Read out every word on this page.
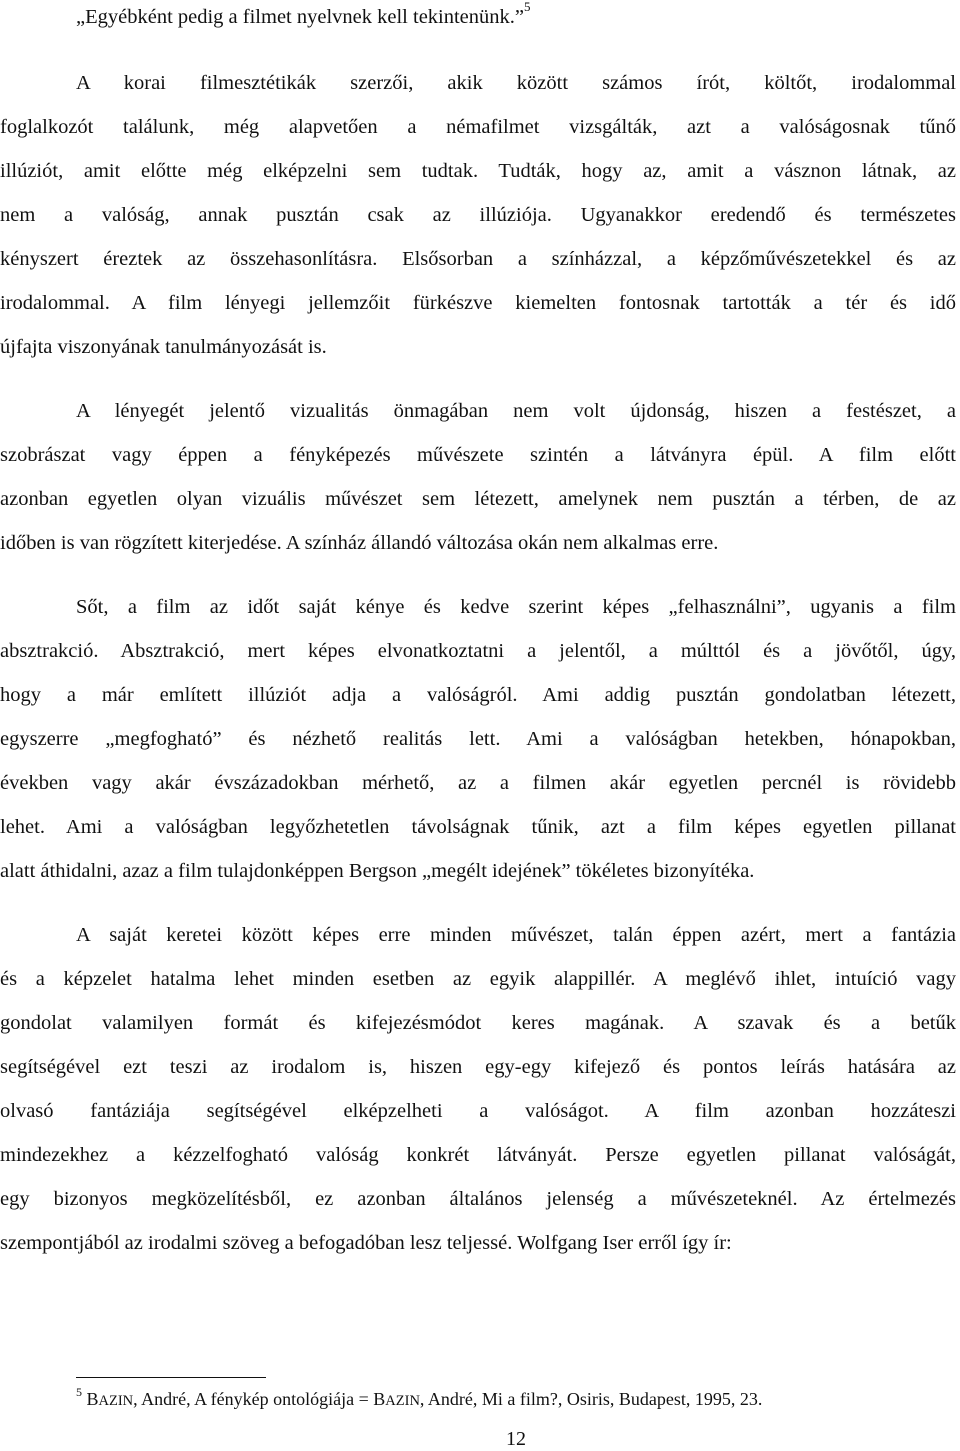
„Egyébként pedig a filmet nyelvnek kell tekintenünk.”$^5$

A korai filmesztétikák szerzői, akik között számos írót, költőt, irodalommal

foglalkozót találunk, még alapvetően a némafilmet vizsgálták, azt a valóságosnak tűnő

illúziót, amit előtte még elképzelni sem tudtak. Tudták, hogy az, amit a vásznon látnak, az

nem a valóság, annak pusztán csak az illúziója. Ugyanakkor eredendő és természetes

kényszert éreztek az összehasonlításra. Elsősorban a színházzal, a képzőművészetekkel és az

irodalommal. A film lényegi jellemzőit fürkészve kiemelten fontosnak tartották a tér és idő

újfajta viszonyának tanulmányozását is.

A lényegét jelentő vizualitás önmagában nem volt újdonság, hiszen a festészet, a

szobrászat vagy éppen a fényképezés művészete szintén a látványra épül. A film előtt

azonban egyetlen olyan vizuális művészet sem létezett, amelynek nem pusztán a térben, de az

időben is van rögzített kiterjedése. A színház állandó változása okán nem alkalmas erre.

Sőt, a film az időt saját kénye és kedve szerint képes „felhasználni”, ugyanis a film

absztrakció. Absztrakció, mert képes elvonatkoztatni a jelentől, a múlttól és a jövőtől, úgy,

hogy a már említett illúziót adja a valóságról. Ami addig pusztán gondolatban létezett,

egyszerre „megfogható” és nézhető realitás lett. Ami a valóságban hetekben, hónapokban,

években vagy akár évszázadokban mérhető, az a filmen akár egyetlen percnél is rövidebb

lehet. Ami a valóságban legyőzhetetlen távolságnak tűnik, azt a film képes egyetlen pillanat

alatt áthidalni, azaz a film tulajdonképpen Bergson „megélt idejének” tökéletes bizonyítéka.

A saját keretei között képes erre minden művészet, talán éppen azért, mert a fantázia

és a képzelet hatalma lehet minden esetben az egyik alappillér. A meglévő ihlet, intuíció vagy

gondolat valamilyen formát és kifejezésmódot keres magának. A szavak és a betűk

segítségével ezt teszi az irodalom is, hiszen egy-egy kifejező és pontos leírás hatására az

olvasó fantáziája segítségével elképzelheti a valóságot. A film azonban hozzáteszi

mindezekhez a kézzelfogható valóság konkrét látványát. Persze egyetlen pillanat valóságát,

egy bizonyos megközelítésből, ez azonban általános jelenség a művészeteknél. Az értelmezés

szempontjából az irodalmi szöveg a befogadóban lesz teljessé. Wolfgang Iser erről így ír:

$^5$ BAZIN, André, A fénykép ontológiája = BAZIN, André, Mi a film?, Osiris, Budapest, 1995, 23.
12
